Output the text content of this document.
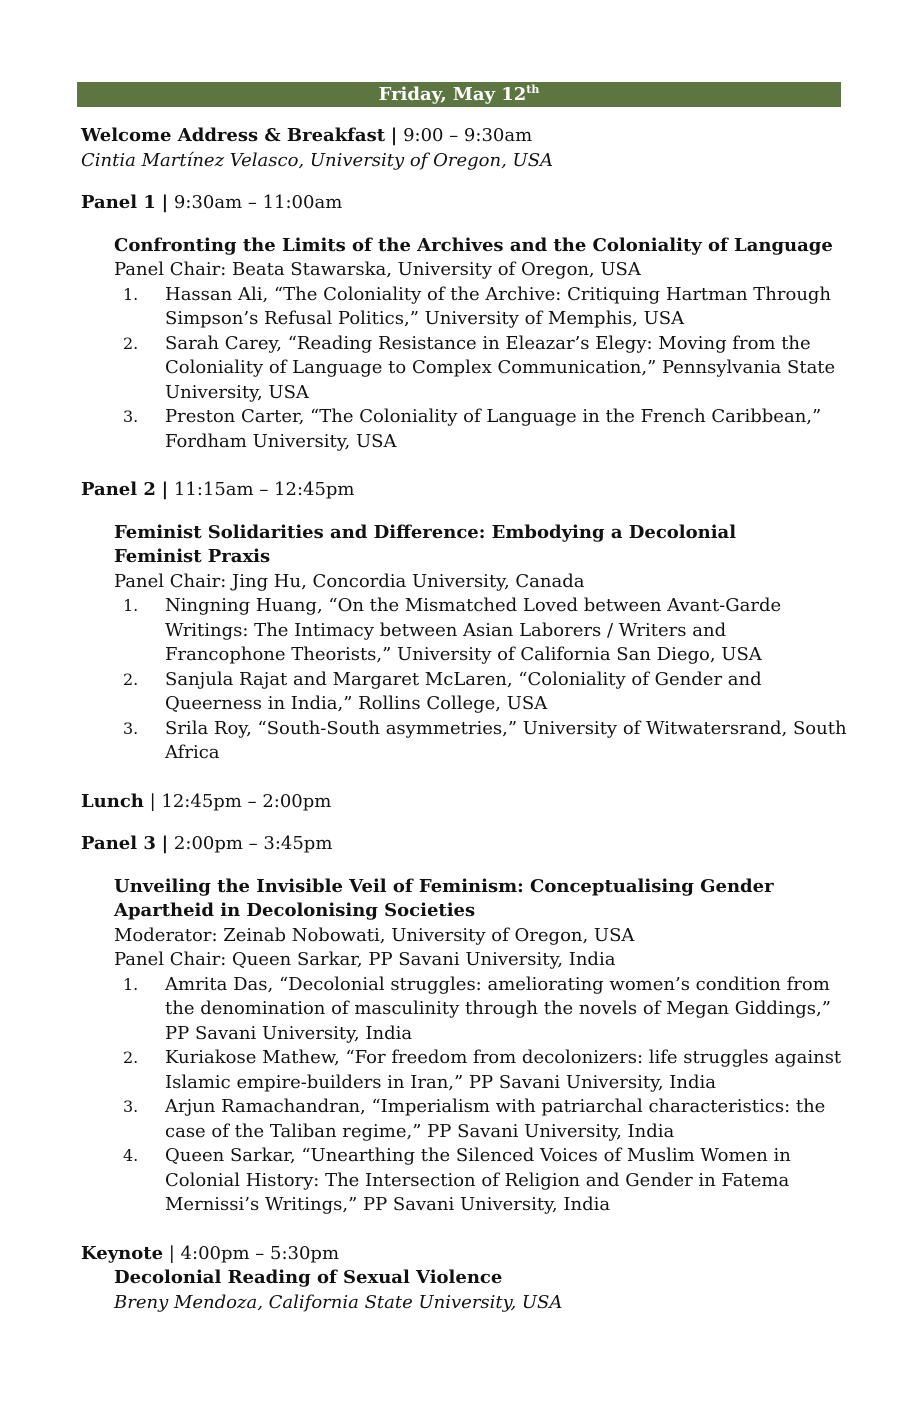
Friday, May 12th
Welcome Address & Breakfast | 9:00 – 9:30am
Cintia Martínez Velasco, University of Oregon, USA
Panel 1 | 9:30am – 11:00am
Confronting the Limits of the Archives and the Coloniality of Language
Panel Chair: Beata Stawarska, University of Oregon, USA
1. Hassan Ali, “The Coloniality of the Archive: Critiquing Hartman Through Simpson’s Refusal Politics,” University of Memphis, USA
2. Sarah Carey, “Reading Resistance in Eleazar’s Elegy: Moving from the Coloniality of Language to Complex Communication,” Pennsylvania State University, USA
3. Preston Carter, “The Coloniality of Language in the French Caribbean,” Fordham University, USA
Panel 2 | 11:15am – 12:45pm
Feminist Solidarities and Difference: Embodying a Decolonial Feminist Praxis
Panel Chair: Jing Hu, Concordia University, Canada
1. Ningning Huang, “On the Mismatched Loved between Avant-Garde Writings: The Intimacy between Asian Laborers / Writers and Francophone Theorists,” University of California San Diego, USA
2. Sanjula Rajat and Margaret McLaren, “Coloniality of Gender and Queerness in India,” Rollins College, USA
3. Srila Roy, “South-South asymmetries,” University of Witwatersrand, South Africa
Lunch | 12:45pm – 2:00pm
Panel 3 | 2:00pm – 3:45pm
Unveiling the Invisible Veil of Feminism: Conceptualising Gender Apartheid in Decolonising Societies
Moderator: Zeinab Nobowati, University of Oregon, USA
Panel Chair: Queen Sarkar, PP Savani University, India
1. Amrita Das, “Decolonial struggles: ameliorating women’s condition from the denomination of masculinity through the novels of Megan Giddings,” PP Savani University, India
2. Kuriakose Mathew, “For freedom from decolonizers: life struggles against Islamic empire-builders in Iran,” PP Savani University, India
3. Arjun Ramachandran, “Imperialism with patriarchal characteristics: the case of the Taliban regime,” PP Savani University, India
4. Queen Sarkar, “Unearthing the Silenced Voices of Muslim Women in Colonial History: The Intersection of Religion and Gender in Fatema Mernissi’s Writings,” PP Savani University, India
Keynote | 4:00pm – 5:30pm
Decolonial Reading of Sexual Violence
Breny Mendoza, California State University, USA
